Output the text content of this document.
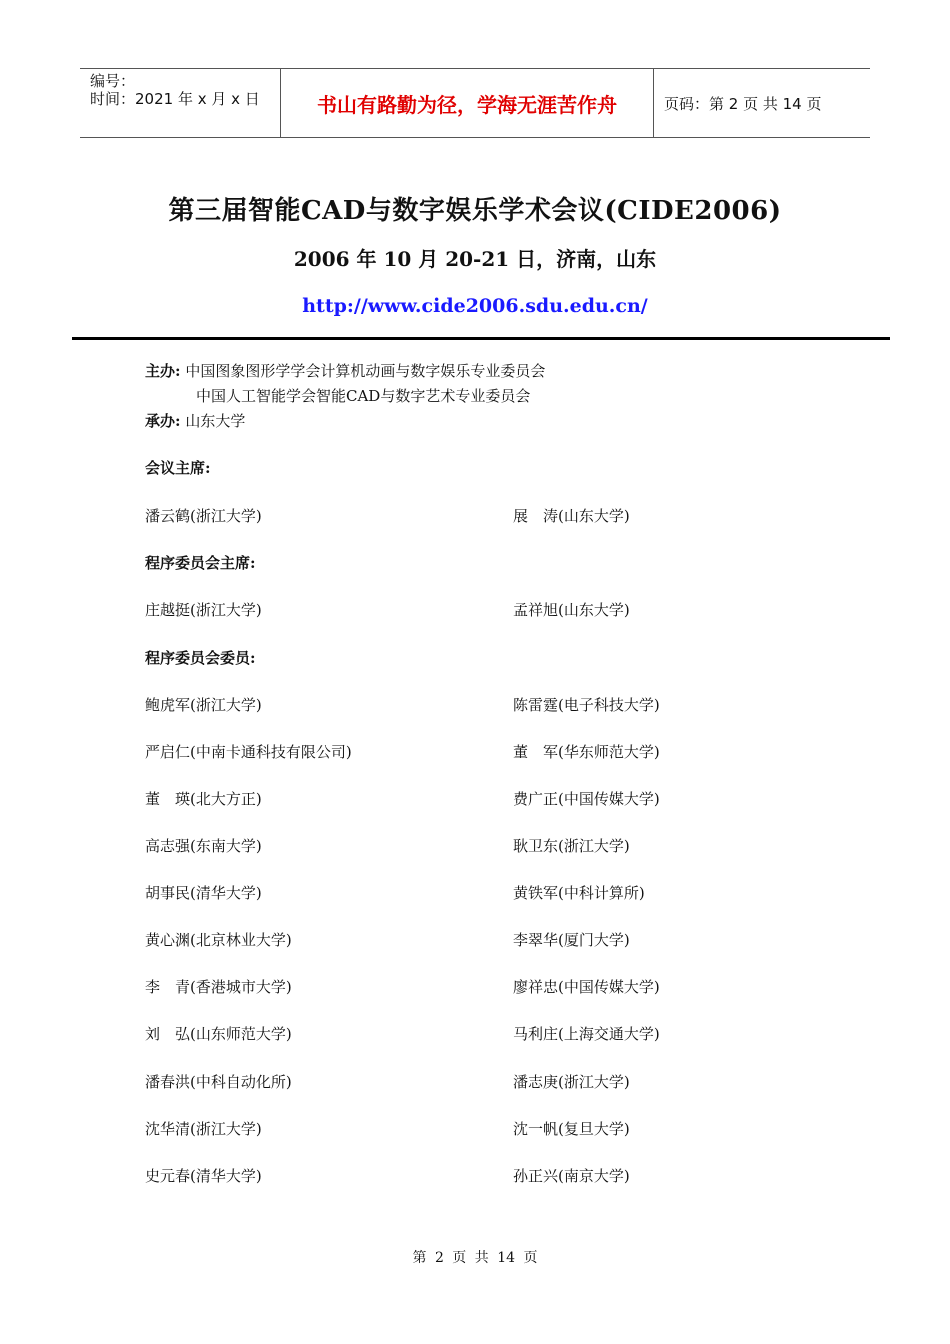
编号：
时间：2021 年 x 月 x 日	书山有路勤为径，学海无涯苦作舟	页码：第 2 页 共 14 页
第三届智能CAD与数字娱乐学术会议(CIDE2006)
2006 年 10 月 20-21 日，济南，山东
http://www.cide2006.sdu.edu.cn/
主办: 中国图象图形学学会计算机动画与数字娱乐专业委员会
中国人工智能学会智能CAD与数字艺术专业委员会
承办: 山东大学
会议主席:
潘云鹤(浙江大学)	展　涛(山东大学)
程序委员会主席:
庄越挺(浙江大学)	孟祥旭(山东大学)
程序委员会委员:
鲍虎军(浙江大学)	陈雷霆(电子科技大学)
严启仁(中南卡通科技有限公司)	董　军(华东师范大学)
董　瑛(北大方正)	费广正(中国传媒大学)
高志强(东南大学)	耿卫东(浙江大学)
胡事民(清华大学)	黄铁军(中科计算所)
黄心渊(北京林业大学)	李翠华(厦门大学)
李　青(香港城市大学)	廖祥忠(中国传媒大学)
刘　弘(山东师范大学)	马利庄(上海交通大学)
潘春洪(中科自动化所)	潘志庚(浙江大学)
沈华清(浙江大学)	沈一帆(复旦大学)
史元春(清华大学)	孙正兴(南京大学)
第 2 页 共 14 页
